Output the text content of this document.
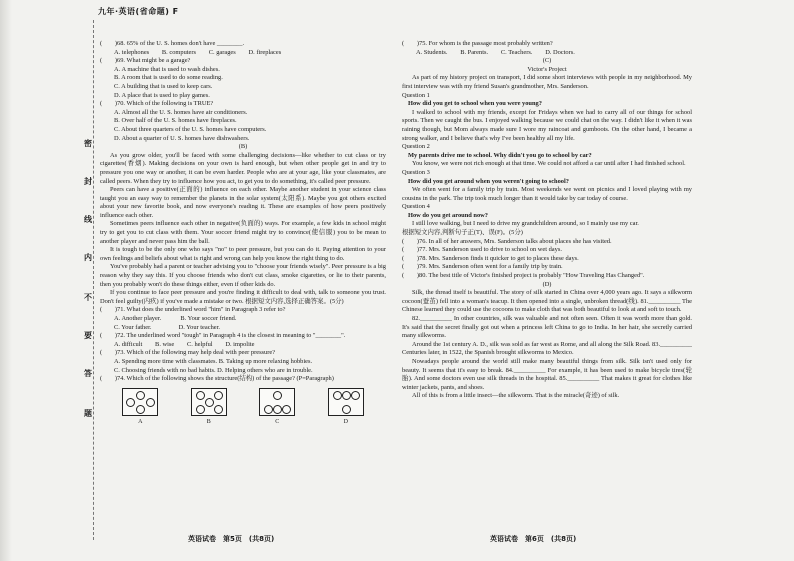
九年·英语(省命题) F
密
封
线
内
不
要
答
题

(　　)68. 65% of the U. S. homes don't have ________.

A. telephones　　B. computers　　C. garages　　D. fireplaces

(　　)69. What might be a garage?

A. A machine that is used to wash dishes.

B. A room that is used to do some reading.

C. A building that is used to keep cars.

D. A place that is used to play games.

(　　)70. Which of the following is TRUE?

A. Almost all the U. S. homes have air conditioners.

B. Over half of the U. S. homes have fireplaces.

C. About three quarters of the U. S. homes have computers.

D. About a quarter of U. S. homes have dishwashers.

(B)

As you grow older, you'll be faced with some challenging decisions—like whether to cut class or try cigarettes(香烟). Making decisions on your own is hard enough, but when other people get in and try to pressure you one way or another, it can be even harder. People who are at your age, like your classmates, are called peers. When they try to influence how you act, to get you to do something, it's called peer pressure.

Peers can have a positive(正面的) influence on each other. Maybe another student in your science class taught you an easy way to remember the planets in the solar system(太阳系). Maybe you got others excited about your new favorite book, and now everyone's reading it. These are examples of how peers positively influence each other.

Sometimes peers influence each other in negative(负面的) ways. For example, a few kids in school might try to get you to cut class with them. Your soccer friend might try to convince(使信服) you to be mean to another player and never pass him the ball.

It is tough to be the only one who says "no" to peer pressure, but you can do it. Paying attention to your own feelings and beliefs about what is right and wrong can help you know the right thing to do.

You've probably had a parent or teacher advising you to "choose your friends wisely". Peer pressure is a big reason why they say this. If you choose friends who don't cut class, smoke cigarettes, or lie to their parents, then you probably won't do these things either, even if other kids do.

If you continue to face peer pressure and you're finding it difficult to deal with, talk to someone you trust. Don't feel guilty(内疚) if you've made a mistake or two. 根据短文内容,选择正确答案。(5分)

(　　)71. What does the underlined word "him" in Paragraph 3 refer to?

A. Another player.　　　B. Your soccer friend.

C. Your father.　　　　 D. Your teacher.

(　　)72. The underlined word "tough" in Paragraph 4 is the closest in meaning to "________".

A. difficult　　B. wise　　C. helpful　　D. impolite

(　　)73. Which of the following may help deal with peer pressure?

A. Spending more time with classmates. B. Taking up more relaxing hobbies.

C. Choosing friends with no bad habits. D. Helping others who are in trouble.

(　　)74. Which of the following shows the structure(结构) of the passage? (P=Paragraph)

A	B	C	D

(　　)75. For whom is the passage most probably written?

A. Students.　　B. Parents.　　C. Teachers.　　D. Doctors.

(C)

Victor's Project

As part of my history project on transport, I did some short interviews with people in my neighborhood. My first interview was with my friend Susan's grandmother, Mrs. Sanderson.

Question 1

How did you get to school when you were young?

I walked to school with my friends, except for Fridays when we had to carry all of our things for school sports. Then we caught the bus. I enjoyed walking because we could chat on the way. I didn't like it when it was raining though, but Mom always made sure I wore my raincoat and gumboots. On the other hand, I became a strong walker, and I believe that's why I've been healthy all my life.

Question 2

My parents drive me to school. Why didn't you go to school by car?

You know, we were not rich enough at that time. We could not afford a car until after I had finished school.

Question 3

How did you get around when you weren't going to school?

We often went for a family trip by train. Most weekends we went on picnics and I loved playing with my cousins in the park. The trip took much longer than it would take by car today of course.

Question 4

How do you get around now?

I still love walking, but I need to drive my grandchildren around, so I mainly use my car.

根据短文内容,判断句子正(T)、误(F)。(5分)

(　　)76. In all of her answers, Mrs. Sanderson talks about places she has visited.

(　　)77. Mrs. Sanderson used to drive to school on wet days.

(　　)78. Mrs. Sanderson finds it quicker to get to places these days.

(　　)79. Mrs. Sanderson often went for a family trip by train.

(　　)80. The best title of Victor's finished project is probably "How Traveling Has Changed".

(D)

Silk, the thread itself is beautiful. The story of silk started in China over 4,000 years ago. It says a silkworm cocoon(蚕茧) fell into a woman's teacup. It then opened into a single, unbroken thread(线). 81.__________ The Chinese learned they could use the cocoons to make cloth that was both beautiful to look at and soft to touch.

82.__________ In other countries, silk was valuable and not often seen. Often it was worth more than gold. It's said that the secret finally got out when a princess left China to go to India. In her hair, she secretly carried many silkworms.

Around the 1st century A. D., silk was sold as far west as Rome, and all along the Silk Road. 83.__________ Centuries later, in 1522, the Spanish brought silkworms to Mexico.

Nowadays people around the world still make many beautiful things from silk. Silk isn't used only for beauty. It seems that it's easy to break. 84.__________ For example, it has been used to make bicycle tires(轮胎). And some doctors even use silk threads in the hospital. 85.__________ That makes it great for clothes like winter jackets, pants, and shoes.

All of this is from a little insect—the silkworm. That is the miracle(奇迹) of silk.

英语试卷　第5页　(共8页)	英语试卷　第6页　(共8页)
